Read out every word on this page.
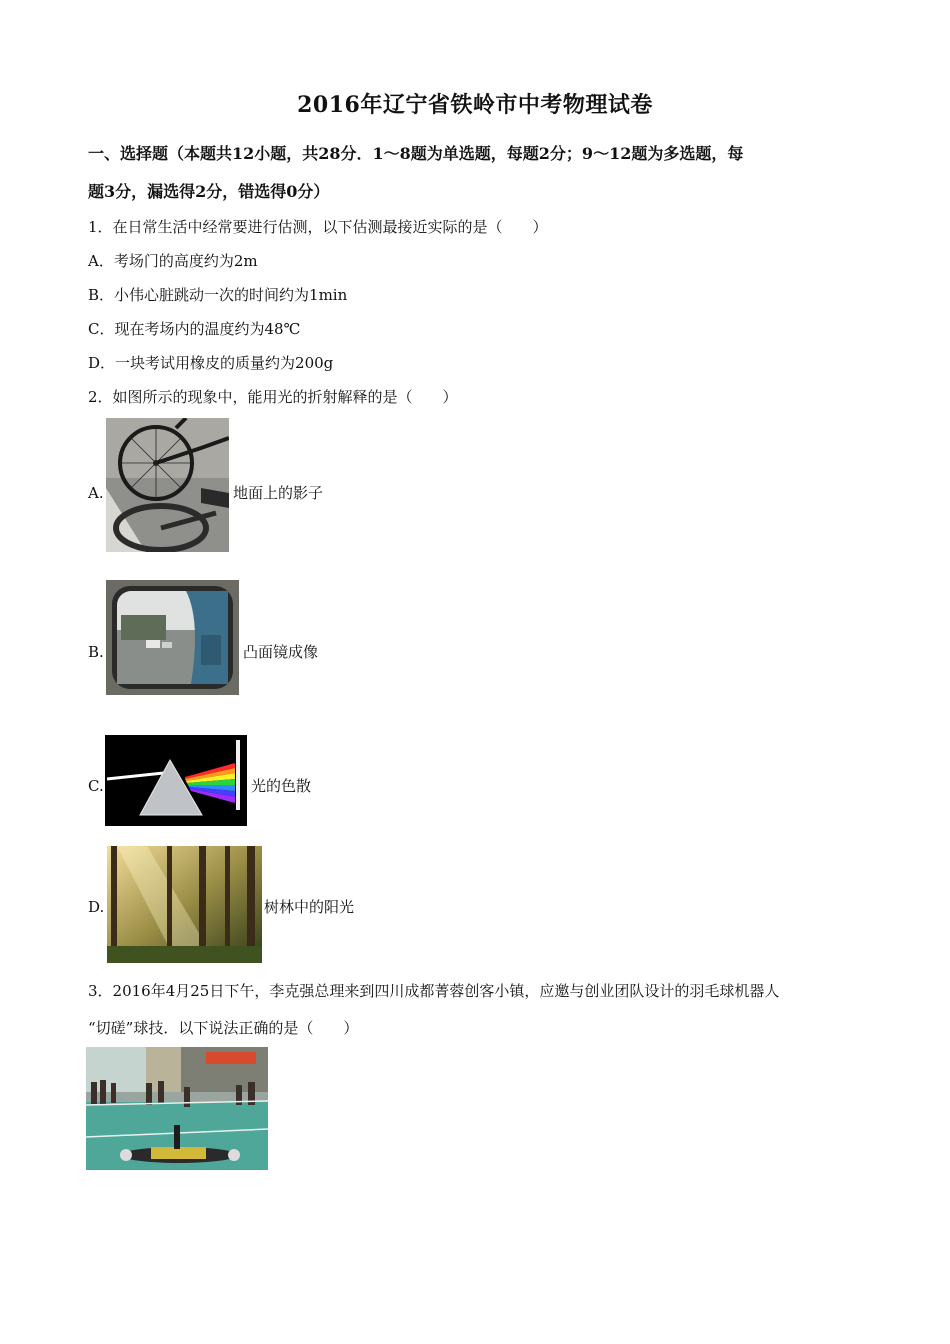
2016年辽宁省铁岭市中考物理试卷
一、选择题（本题共12小题，共28分．1～8题为单选题，每题2分；9～12题为多选题，每
题3分，漏选得2分，错选得0分）
1．在日常生活中经常要进行估测，以下估测最接近实际的是（　　）
A．考场门的高度约为2m
B．小伟心脏跳动一次的时间约为1min
C．现在考场内的温度约为48℃
D．一块考试用橡皮的质量约为200g
2．如图所示的现象中，能用光的折射解释的是（　　）
A.	地面上的影子
B.	凸面镜成像
C.	光的色散
D.	树林中的阳光
3．2016年4月25日下午，李克强总理来到四川成都菁蓉创客小镇，应邀与创业团队设计的羽毛球机器人
“切磋”球技．以下说法正确的是（　　）
